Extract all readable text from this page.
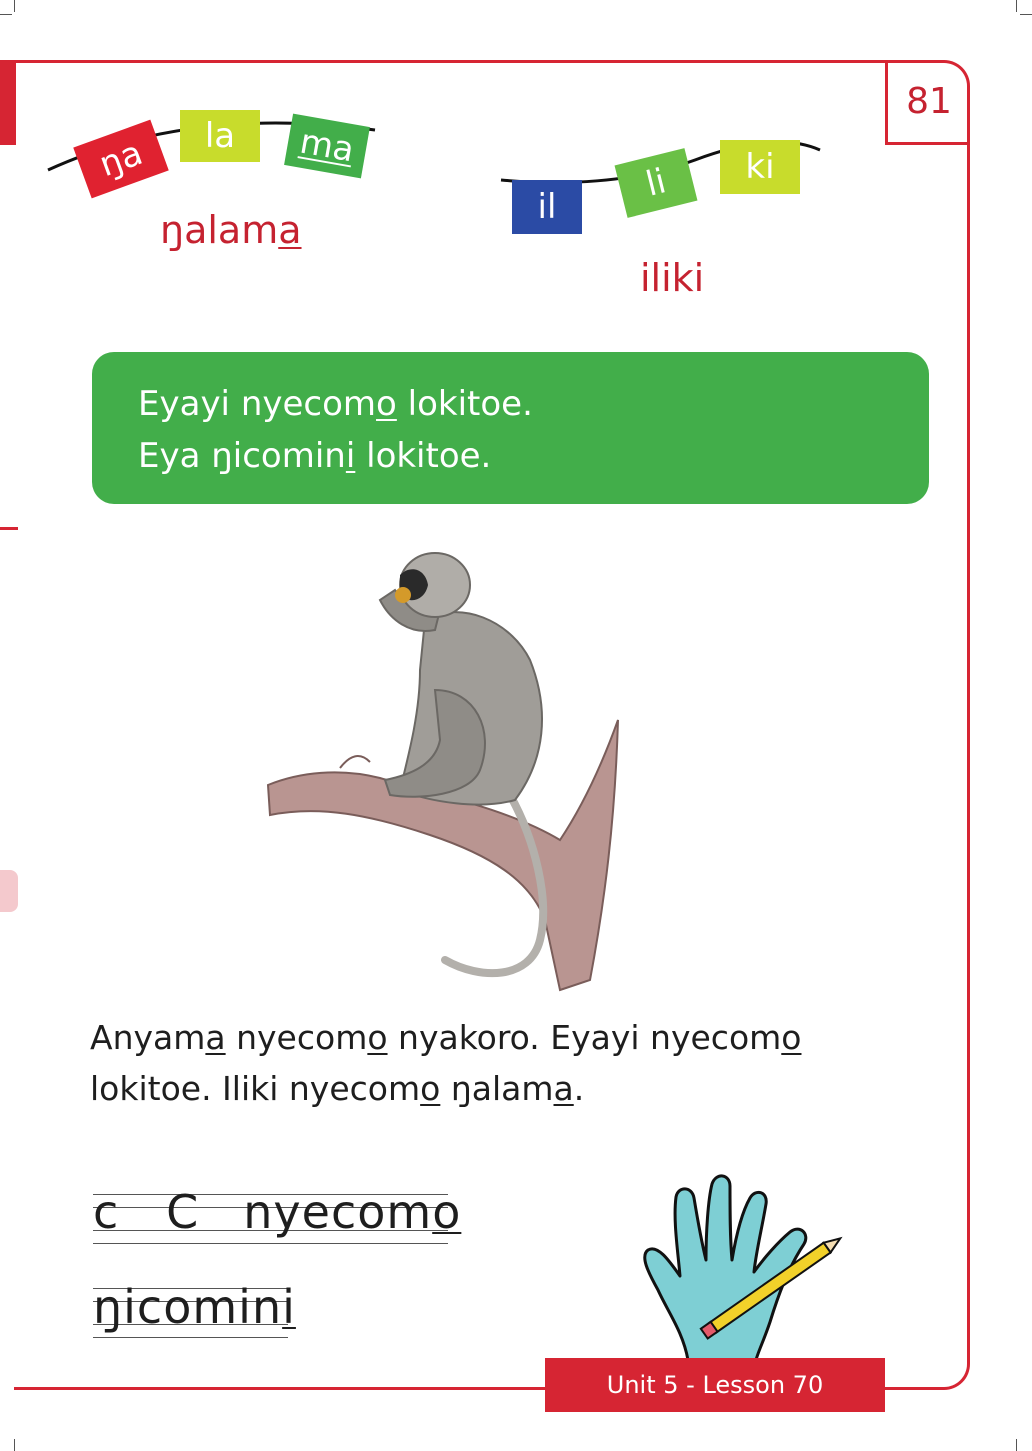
81
ŋa la ma
ŋalama
il
li ki
iliki
Eyayi nyecomo lokitoe.
Eya ŋicomini lokitoe.
Anyama nyecomo nyakoro. Eyayi nyecomo
lokitoe. Iliki nyecomo ŋalama.
c   C nyecomo
ŋicomini
Unit 5 - Lesson 70
